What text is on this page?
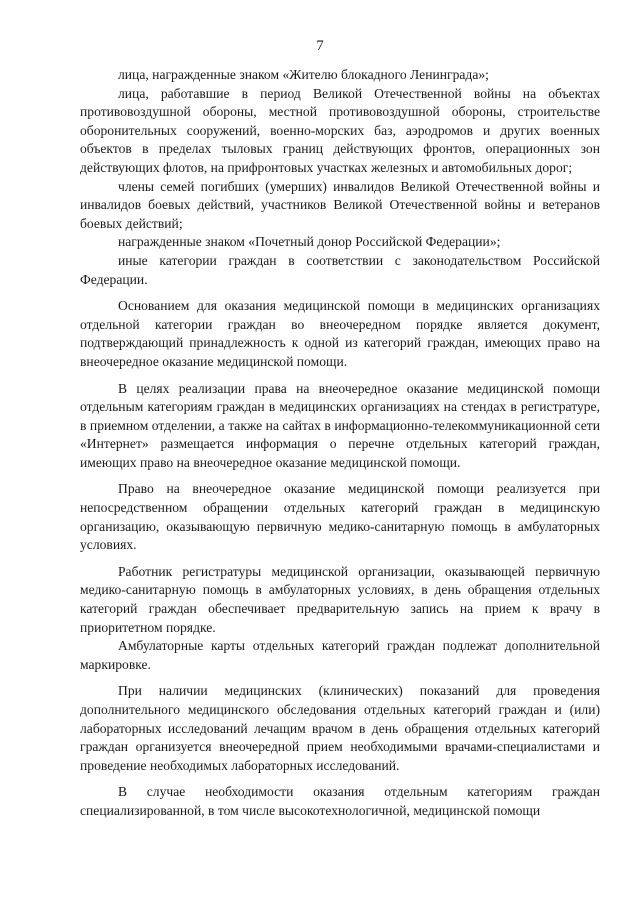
7

лица, награжденные знаком «Жителю блокадного Ленинграда»;

лица, работавшие в период Великой Отечественной войны на объектах противовоздушной обороны, местной противовоздушной обороны, строительстве оборонительных сооружений, военно-морских баз, аэродромов и других военных объектов в пределах тыловых границ действующих фронтов, операционных зон действующих флотов, на прифронтовых участках железных и автомобильных дорог;

члены семей погибших (умерших) инвалидов Великой Отечественной войны и инвалидов боевых действий, участников Великой Отечественной войны и ветеранов боевых действий;

награжденные знаком «Почетный донор Российской Федерации»;

иные категории граждан в соответствии с законодательством Российской Федерации.

Основанием для оказания медицинской помощи в медицинских организациях отдельной категории граждан во внеочередном порядке является документ, подтверждающий принадлежность к одной из категорий граждан, имеющих право на внеочередное оказание медицинской помощи.

В целях реализации права на внеочередное оказание медицинской помощи отдельным категориям граждан в медицинских организациях на стендах в регистратуре, в приемном отделении, а также на сайтах в информационно-телекоммуникационной сети «Интернет» размещается информация о перечне отдельных категорий граждан, имеющих право на внеочередное оказание медицинской помощи.

Право на внеочередное оказание медицинской помощи реализуется при непосредственном обращении отдельных категорий граждан в медицинскую организацию, оказывающую первичную медико-санитарную помощь в амбулаторных условиях.

Работник регистратуры медицинской организации, оказывающей первичную медико-санитарную помощь в амбулаторных условиях, в день обращения отдельных категорий граждан обеспечивает предварительную запись на прием к врачу в приоритетном порядке.

Амбулаторные карты отдельных категорий граждан подлежат дополнительной маркировке.

При наличии медицинских (клинических) показаний для проведения дополнительного медицинского обследования отдельных категорий граждан и (или) лабораторных исследований лечащим врачом в день обращения отдельных категорий граждан организуется внеочередной прием необходимыми врачами-специалистами и проведение необходимых лабораторных исследований.

В случае необходимости оказания отдельным категориям граждан специализированной, в том числе высокотехнологичной, медицинской помощи
